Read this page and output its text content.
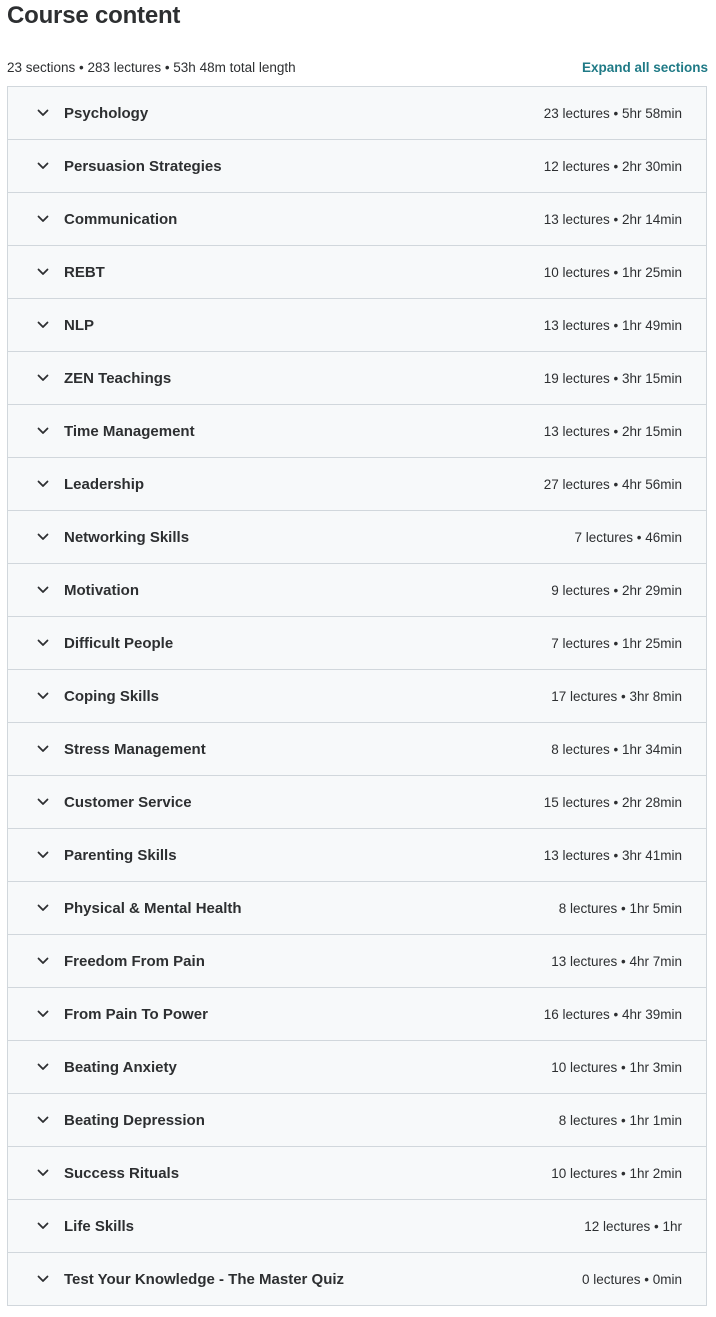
Course content
23 sections • 283 lectures • 53h 48m total length	Expand all sections
Psychology	23 lectures • 5hr 58min
Persuasion Strategies	12 lectures • 2hr 30min
Communication	13 lectures • 2hr 14min
REBT	10 lectures • 1hr 25min
NLP	13 lectures • 1hr 49min
ZEN Teachings	19 lectures • 3hr 15min
Time Management	13 lectures • 2hr 15min
Leadership	27 lectures • 4hr 56min
Networking Skills	7 lectures • 46min
Motivation	9 lectures • 2hr 29min
Difficult People	7 lectures • 1hr 25min
Coping Skills	17 lectures • 3hr 8min
Stress Management	8 lectures • 1hr 34min
Customer Service	15 lectures • 2hr 28min
Parenting Skills	13 lectures • 3hr 41min
Physical & Mental Health	8 lectures • 1hr 5min
Freedom From Pain	13 lectures • 4hr 7min
From Pain To Power	16 lectures • 4hr 39min
Beating Anxiety	10 lectures • 1hr 3min
Beating Depression	8 lectures • 1hr 1min
Success Rituals	10 lectures • 1hr 2min
Life Skills	12 lectures • 1hr
Test Your Knowledge - The Master Quiz	0 lectures • 0min
